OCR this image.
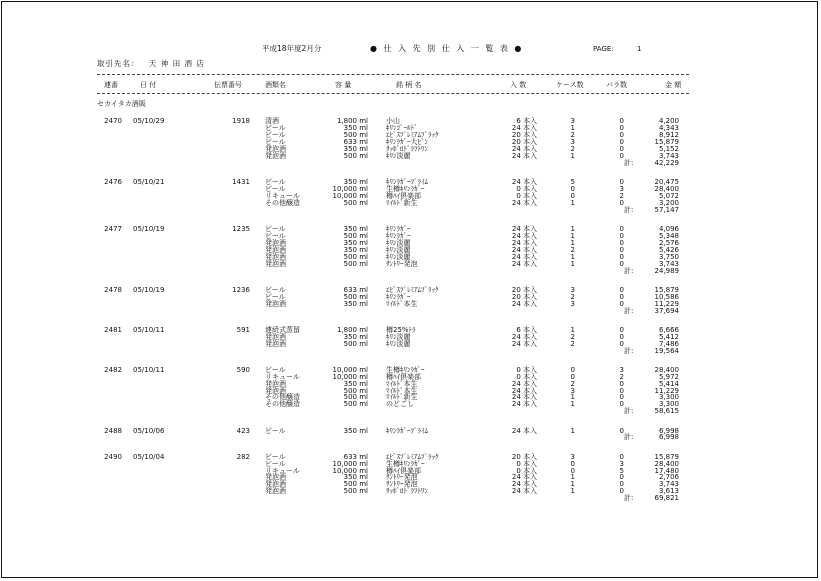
平成18年度2月分	● 仕 入 先 別 仕 入 一 覧 表 ●	PAGE:	1
取引先名： 天 神 田 酒 店
連番	日 付	伝票番号	酒類名	容 量	銘 柄 名	入 数	ケース数	バラ数	金 額
セカイタカ酒販
2470 05/10/29	1918 清酒	1,800 ml	小山	6 本入	3	0	4,200
ビール	350 ml	ｷﾘﾝｺﾞｰﾙﾄﾞ	24 本入	1	0	4,343
ビール	500 ml	ｴﾋﾞｽﾌﾟﾚﾐｱﾑﾌﾞﾗｯｸ	20 本入	2	0	8,912
ビール	633 ml	ｷﾘﾝﾗｶﾞｰ大ﾋﾞﾝ	20 本入	3	0	15,879
発泡酒	350 ml	ｻｯﾎﾟﾛﾄﾞﾗﾌﾄﾜﾝ	24 本入	2	0	5,152
発泡酒	500 ml	ｷﾘﾝ淡麗	24 本入	1	0	3,743
計:	42,229
2476 05/10/21	1431 ビール	350 ml	ｷﾘﾝﾗｶﾞｰﾌﾟﾗｲﾑ	24 本入	5	0	20,475
ビール	10,000 ml	生樽ｷﾘﾝﾗｶﾞｰ	0 本入	0	3	28,400
リキュール	10,000 ml	樽ﾊｲ倶楽部	0 本入	0	2	5,072
その他醸造	500 ml	ﾏｲﾙﾄﾞ新生	24 本入	1	0	3,200
計:	57,147
2477 05/10/19	1235 ビール	350 ml	ｷﾘﾝﾗｶﾞｰ	24 本入	1	0	4,096
ビール	500 ml	ｷﾘﾝﾗｶﾞｰ	24 本入	1	0	5,348
発泡酒	350 ml	ｷﾘﾝ淡麗	24 本入	1	0	2,576
発泡酒	350 ml	ｷﾘﾝ淡麗	24 本入	2	0	5,426
発泡酒	500 ml	ｷﾘﾝ淡麗	24 本入	1	0	3,750
発泡酒	500 ml	ｻﾝﾄﾘｰ発泡	24 本入	1	0	3,743
計:	24,989
2478 05/10/19	1236 ビール	633 ml	ｴﾋﾞｽﾌﾟﾚﾐｱﾑﾌﾞﾗｯｸ	20 本入	3	0	15,879
ビール	500 ml	ｷﾘﾝﾗｶﾞｰ	20 本入	2	0	10,586
発泡酒	350 ml	ﾏｲﾙﾄﾞ本生	24 本入	3	0	11,229
計:	37,694
2481 05/10/11	591 連続式蒸留	1,800 ml	樽25%ﾄﾗ	6 本入	1	0	6,666
発泡酒	350 ml	ｷﾘﾝ淡麗	24 本入	2	0	5,412
発泡酒	500 ml	ｷﾘﾝ淡麗	24 本入	2	0	7,486
計:	19,564
2482 05/10/11	590 ビール	10,000 ml	生樽ｷﾘﾝﾗｶﾞｰ	0 本入	0	3	28,400
リキュール	10,000 ml	樽ﾊｲ倶楽部	0 本入	0	2	5,972
発泡酒	350 ml	ﾏｲﾙﾄﾞ本生	24 本入	2	0	5,414
発泡酒	500 ml	ﾏｲﾙﾄﾞ本生	24 本入	3	0	11,229
その他醸造	500 ml	ﾏｲﾙﾄﾞ新生	24 本入	1	0	3,300
その他醸造	500 ml	のどごし	24 本入	1	0	3,300
計:	58,615
2488 05/10/06	423 ビール	350 ml	ｷﾘﾝﾗｶﾞｰﾌﾟﾗｲﾑ	24 本入	1	0	6,998
計:	6,998
2490 05/10/04	282 ビール	633 ml	ｴﾋﾞｽﾌﾟﾚﾐｱﾑﾌﾞﾗｯｸ	20 本入	3	0	15,879
ビール	10,000 ml	生樽ｷﾘﾝﾗｶﾞｰ	0 本入	0	3	28,400
リキュール	10,000 ml	樽ﾊｲ倶楽部	0 本入	0	5	17,480
発泡酒	350 ml	ｻﾝﾄﾘｰ発泡	24 本入	1	0	2,706
発泡酒	500 ml	ｻﾝﾄﾘｰ発泡	24 本入	1	0	3,743
発泡酒	500 ml	ｻｯﾎﾟﾛﾄﾞﾗﾌﾄﾜﾝ	24 本入	1	0	3,613
計:	69,821
